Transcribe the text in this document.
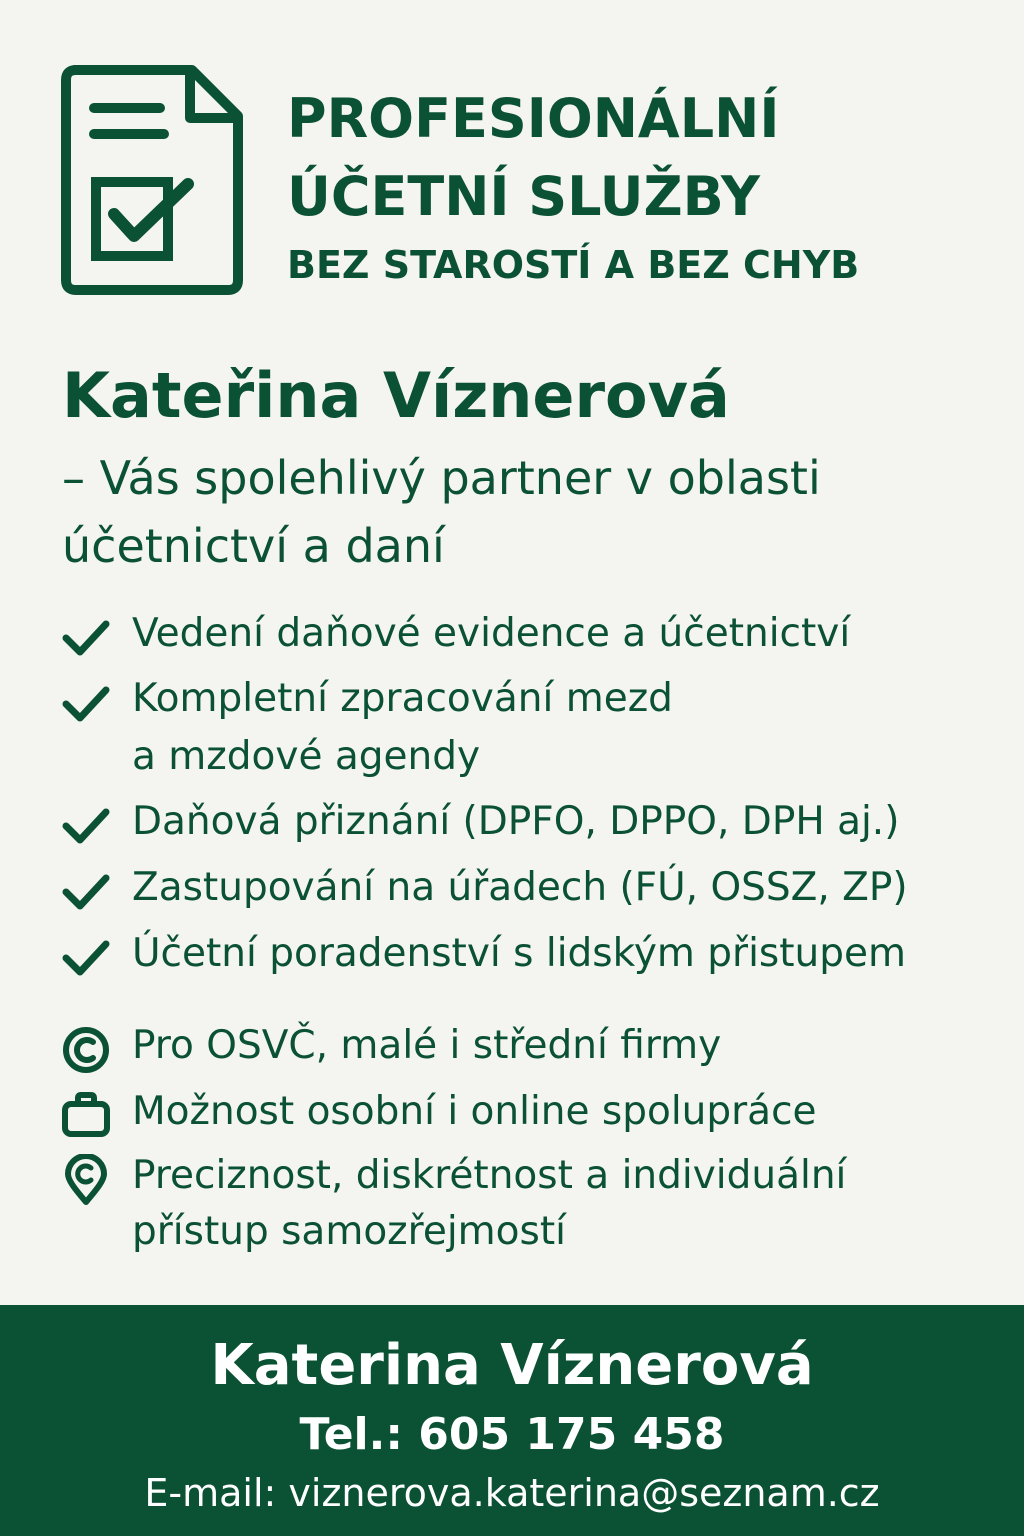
PROFESIONÁLNÍ
ÚČETNÍ SLUŽBY
BEZ STAROSTÍ A BEZ CHYB
Kateřina Víznerová
– Vás spolehlivý partner v oblasti
účetnictví a daní
Vedení daňové evidence a účetnictví
Kompletní zpracování mezd
a mzdové agendy
Daňová přiznání (DPFO, DPPO, DPH aj.)
Zastupování na úřadech (FÚ, OSSZ, ZP)
Účetní poradenství s lidským přistupem
Pro OSVČ, malé i střední firmy
Možnost osobní i online spolupráce
Preciznost, diskrétnost a individuální
přístup samozřejmostí
Katerina Víznerová
Tel.: 605 175 458
E-mail: viznerova.katerina@seznam.cz
